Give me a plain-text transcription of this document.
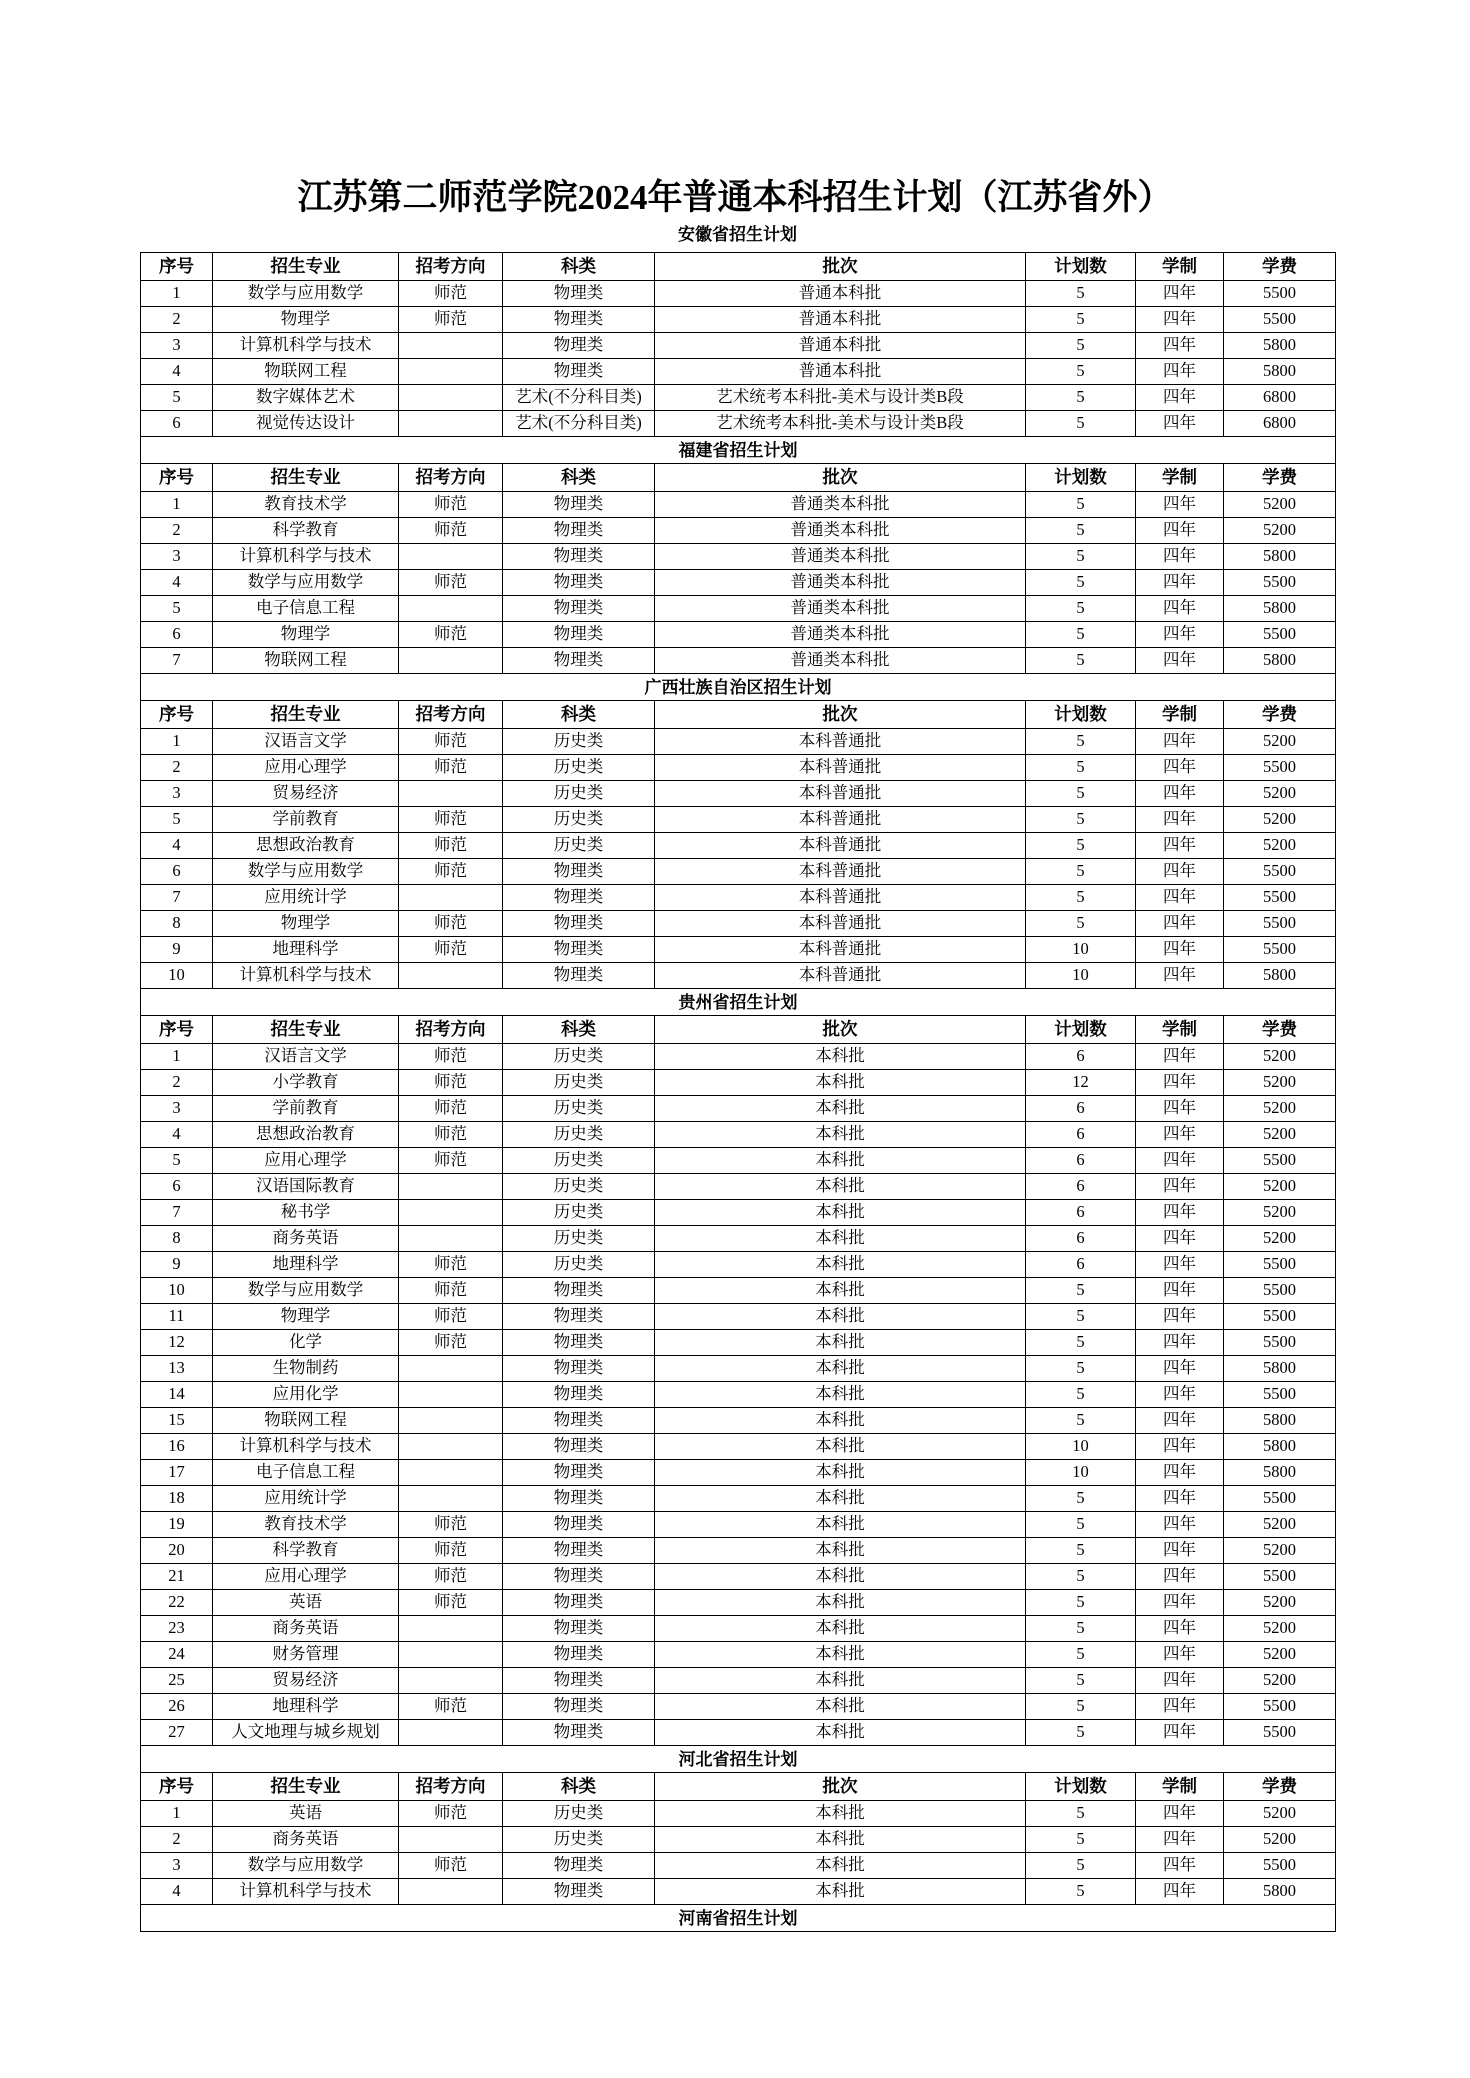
江苏第二师范学院2024年普通本科招生计划（江苏省外）
安徽省招生计划
序号	招生专业	招考方向	科类	批次	计划数	学制	学费
1	数学与应用数学	师范	物理类	普通本科批	5	四年	5500
2	物理学	师范	物理类	普通本科批	5	四年	5500
3	计算机科学与技术		物理类	普通本科批	5	四年	5800
4	物联网工程		物理类	普通本科批	5	四年	5800
5	数字媒体艺术		艺术(不分科目类)	艺术统考本科批-美术与设计类B段	5	四年	6800
6	视觉传达设计		艺术(不分科目类)	艺术统考本科批-美术与设计类B段	5	四年	6800
福建省招生计划							
序号	招生专业	招考方向	科类	批次	计划数	学制	学费
1	教育技术学	师范	物理类	普通类本科批	5	四年	5200
2	科学教育	师范	物理类	普通类本科批	5	四年	5200
3	计算机科学与技术		物理类	普通类本科批	5	四年	5800
4	数学与应用数学	师范	物理类	普通类本科批	5	四年	5500
5	电子信息工程		物理类	普通类本科批	5	四年	5800
6	物理学	师范	物理类	普通类本科批	5	四年	5500
7	物联网工程		物理类	普通类本科批	5	四年	5800
广西壮族自治区招生计划							
序号	招生专业	招考方向	科类	批次	计划数	学制	学费
1	汉语言文学	师范	历史类	本科普通批	5	四年	5200
2	应用心理学	师范	历史类	本科普通批	5	四年	5500
3	贸易经济		历史类	本科普通批	5	四年	5200
5	学前教育	师范	历史类	本科普通批	5	四年	5200
4	思想政治教育	师范	历史类	本科普通批	5	四年	5200
6	数学与应用数学	师范	物理类	本科普通批	5	四年	5500
7	应用统计学		物理类	本科普通批	5	四年	5500
8	物理学	师范	物理类	本科普通批	5	四年	5500
9	地理科学	师范	物理类	本科普通批	10	四年	5500
10	计算机科学与技术		物理类	本科普通批	10	四年	5800
贵州省招生计划							
序号	招生专业	招考方向	科类	批次	计划数	学制	学费
1	汉语言文学	师范	历史类	本科批	6	四年	5200
2	小学教育	师范	历史类	本科批	12	四年	5200
3	学前教育	师范	历史类	本科批	6	四年	5200
4	思想政治教育	师范	历史类	本科批	6	四年	5200
5	应用心理学	师范	历史类	本科批	6	四年	5500
6	汉语国际教育		历史类	本科批	6	四年	5200
7	秘书学		历史类	本科批	6	四年	5200
8	商务英语		历史类	本科批	6	四年	5200
9	地理科学	师范	历史类	本科批	6	四年	5500
10	数学与应用数学	师范	物理类	本科批	5	四年	5500
11	物理学	师范	物理类	本科批	5	四年	5500
12	化学	师范	物理类	本科批	5	四年	5500
13	生物制药		物理类	本科批	5	四年	5800
14	应用化学		物理类	本科批	5	四年	5500
15	物联网工程		物理类	本科批	5	四年	5800
16	计算机科学与技术		物理类	本科批	10	四年	5800
17	电子信息工程		物理类	本科批	10	四年	5800
18	应用统计学		物理类	本科批	5	四年	5500
19	教育技术学	师范	物理类	本科批	5	四年	5200
20	科学教育	师范	物理类	本科批	5	四年	5200
21	应用心理学	师范	物理类	本科批	5	四年	5500
22	英语	师范	物理类	本科批	5	四年	5200
23	商务英语		物理类	本科批	5	四年	5200
24	财务管理		物理类	本科批	5	四年	5200
25	贸易经济		物理类	本科批	5	四年	5200
26	地理科学	师范	物理类	本科批	5	四年	5500
27	人文地理与城乡规划		物理类	本科批	5	四年	5500
河北省招生计划							
序号	招生专业	招考方向	科类	批次	计划数	学制	学费
1	英语	师范	历史类	本科批	5	四年	5200
2	商务英语		历史类	本科批	5	四年	5200
3	数学与应用数学	师范	物理类	本科批	5	四年	5500
4	计算机科学与技术		物理类	本科批	5	四年	5800
河南省招生计划							
